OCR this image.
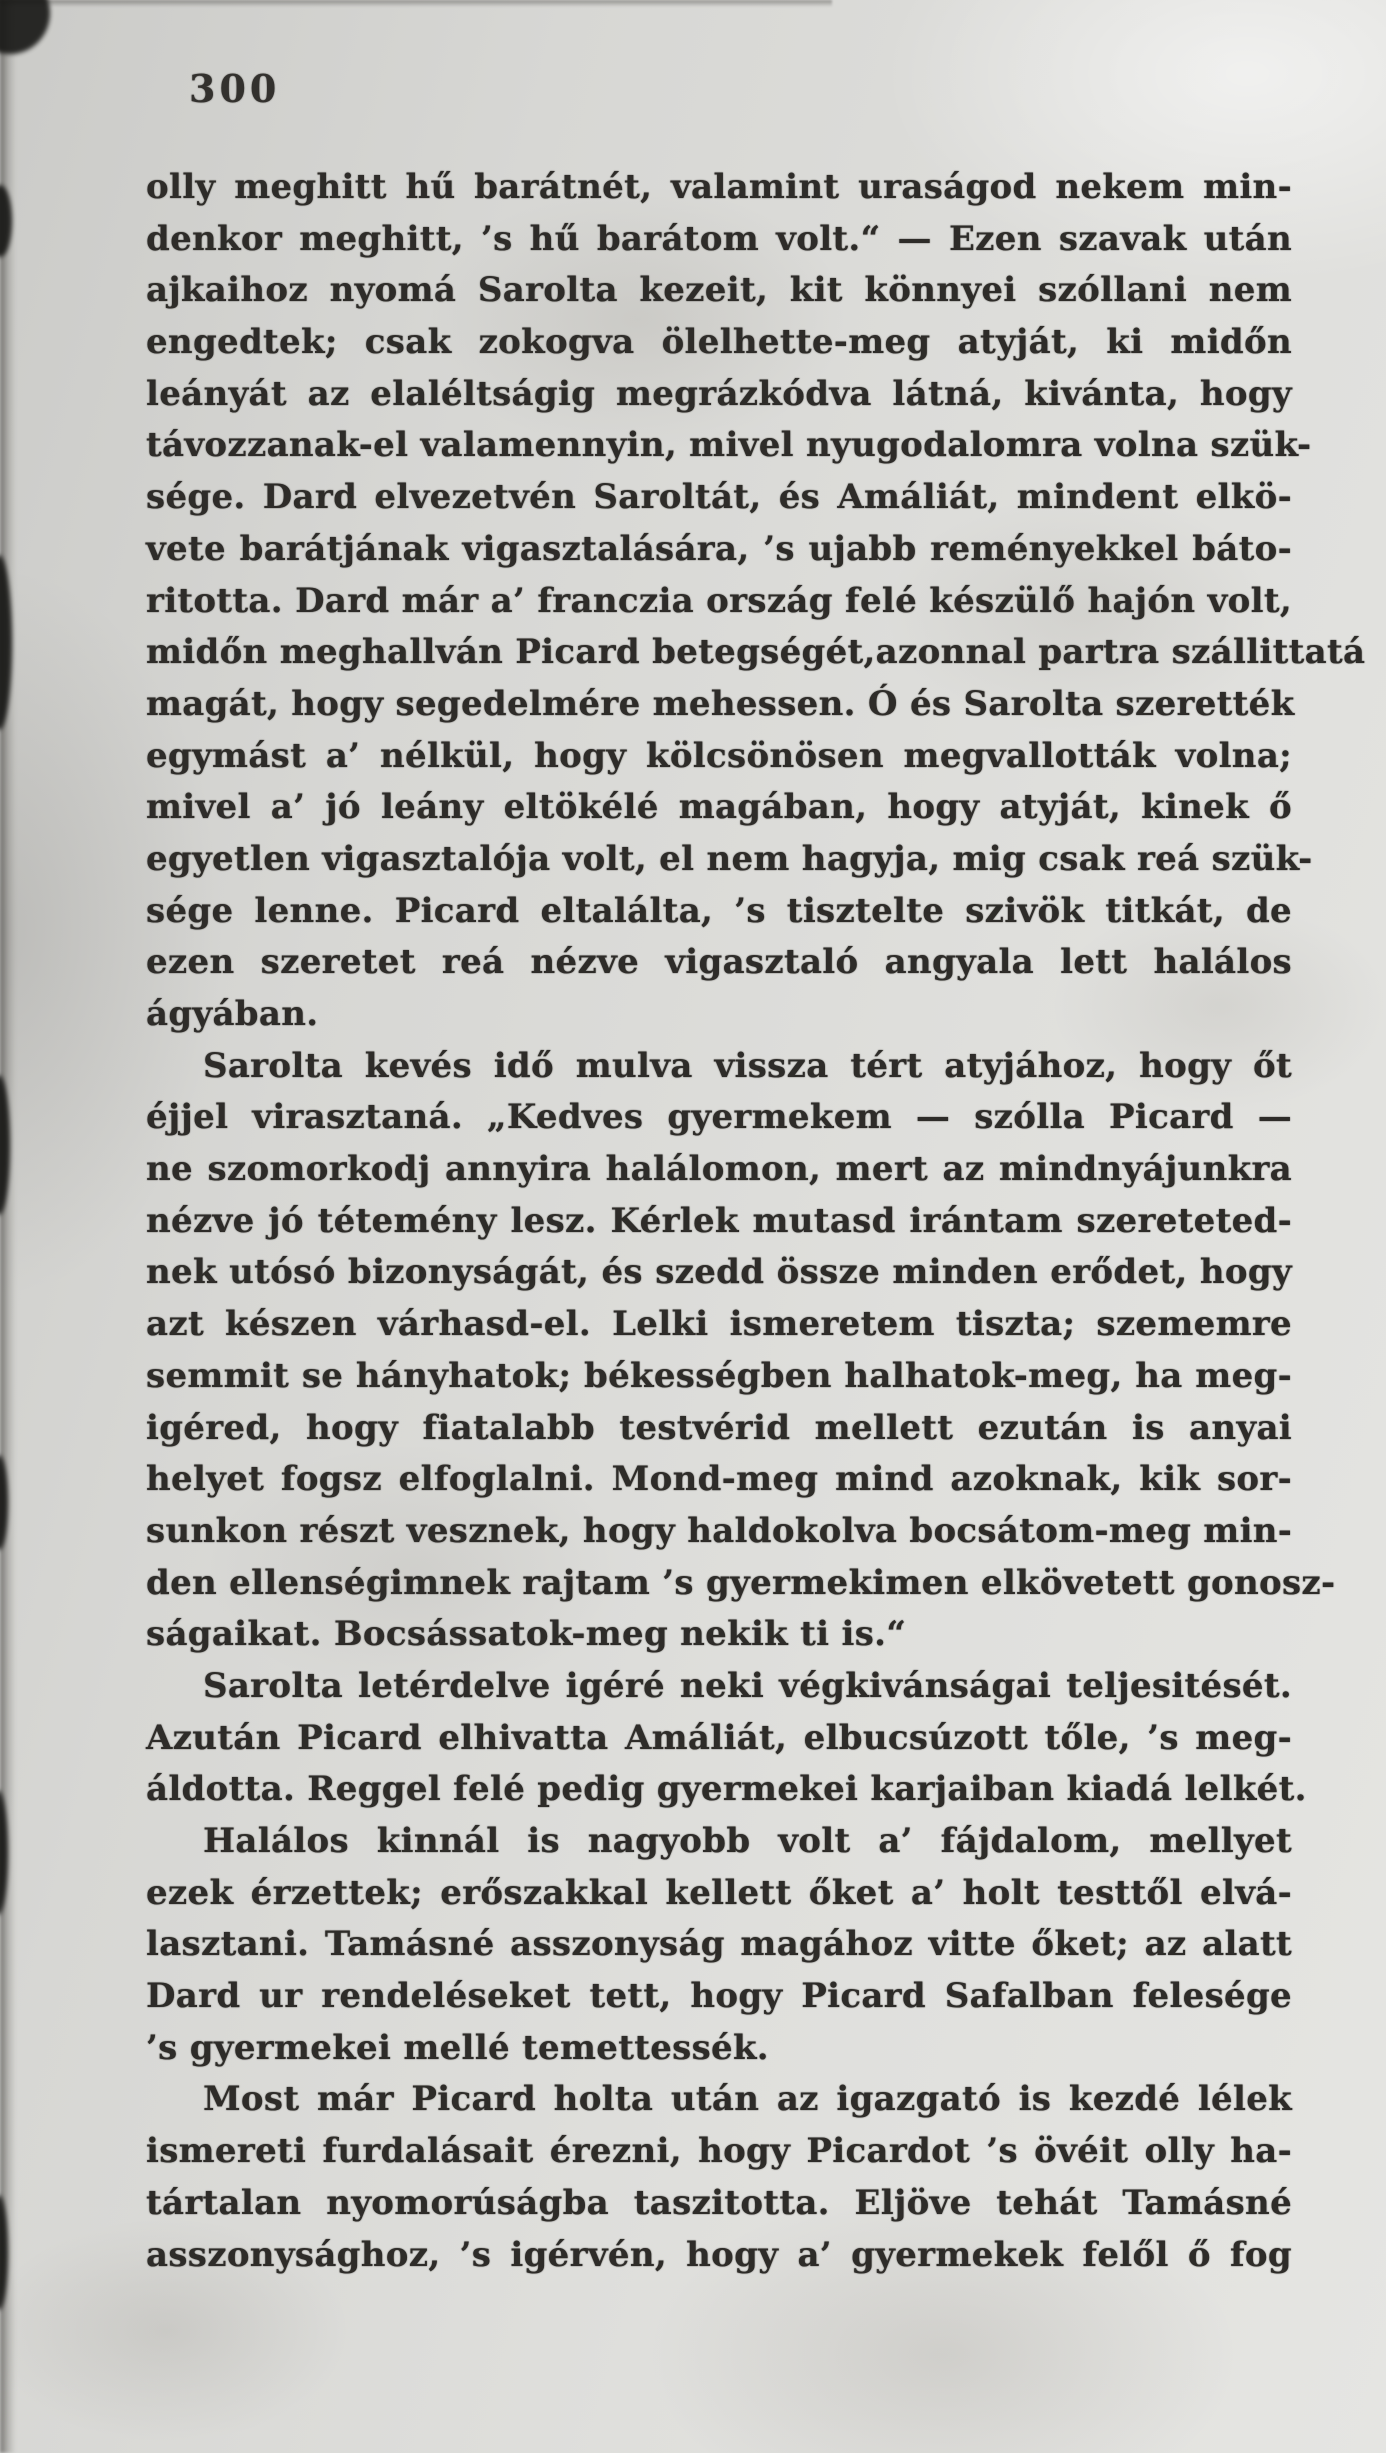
300
olly meghitt hű barátnét, valamint uraságod nekem min-
denkor meghitt, ’s hű barátom volt.“ — Ezen szavak után
ajkaihoz nyomá Sarolta kezeit, kit könnyei szóllani nem
engedtek; csak zokogva ölelhette-meg atyját, ki midőn
leányát az elaléltságig megrázkódva látná, kivánta, hogy
távozzanak-el valamennyin, mivel nyugodalomra volna szük-
sége. Dard elvezetvén Saroltát, és Amáliát, mindent elkö-
vete barátjának vigasztalására, ’s ujabb reményekkel báto-
ritotta. Dard már a’ franczia ország felé készülő hajón volt,
midőn meghallván Picard betegségét,azonnal partra szállittatá
magát, hogy segedelmére mehessen. Ó és Sarolta szerették
egymást a’ nélkül, hogy kölcsönösen megvallották volna;
mivel a’ jó leány eltökélé magában, hogy atyját, kinek ő
egyetlen vigasztalója volt, el nem hagyja, mig csak reá szük-
sége lenne. Picard eltalálta, ’s tisztelte szivök titkát, de
ezen szeretet reá nézve vigasztaló angyala lett halálos
ágyában.
Sarolta kevés idő mulva vissza tért atyjához, hogy őt
éjjel virasztaná. „Kedves gyermekem — szólla Picard —
ne szomorkodj annyira halálomon, mert az mindnyájunkra
nézve jó tétemény lesz. Kérlek mutasd irántam szereteted-
nek utósó bizonyságát, és szedd össze minden erődet, hogy
azt készen várhasd-el. Lelki ismeretem tiszta; szememre
semmit se hányhatok; békességben halhatok-meg, ha meg-
igéred, hogy fiatalabb testvérid mellett ezután is anyai
helyet fogsz elfoglalni. Mond-meg mind azoknak, kik sor-
sunkon részt vesznek, hogy haldokolva bocsátom-meg min-
den ellenségimnek rajtam ’s gyermekimen elkövetett gonosz-
ságaikat. Bocsássatok-meg nekik ti is.“
Sarolta letérdelve igéré neki végkivánságai teljesitését.
Azután Picard elhivatta Amáliát, elbucsúzott tőle, ’s meg-
áldotta. Reggel felé pedig gyermekei karjaiban kiadá lelkét.
Halálos kinnál is nagyobb volt a’ fájdalom, mellyet
ezek érzettek; erőszakkal kellett őket a’ holt testtől elvá-
lasztani. Tamásné asszonyság magához vitte őket; az alatt
Dard ur rendeléseket tett, hogy Picard Safalban felesége
’s gyermekei mellé temettessék.
Most már Picard holta után az igazgató is kezdé lélek
ismereti furdalásait érezni, hogy Picardot ’s övéit olly ha-
tártalan nyomorúságba taszitotta. Eljöve tehát Tamásné
asszonysághoz, ’s igérvén, hogy a’ gyermekek felől ő fog
